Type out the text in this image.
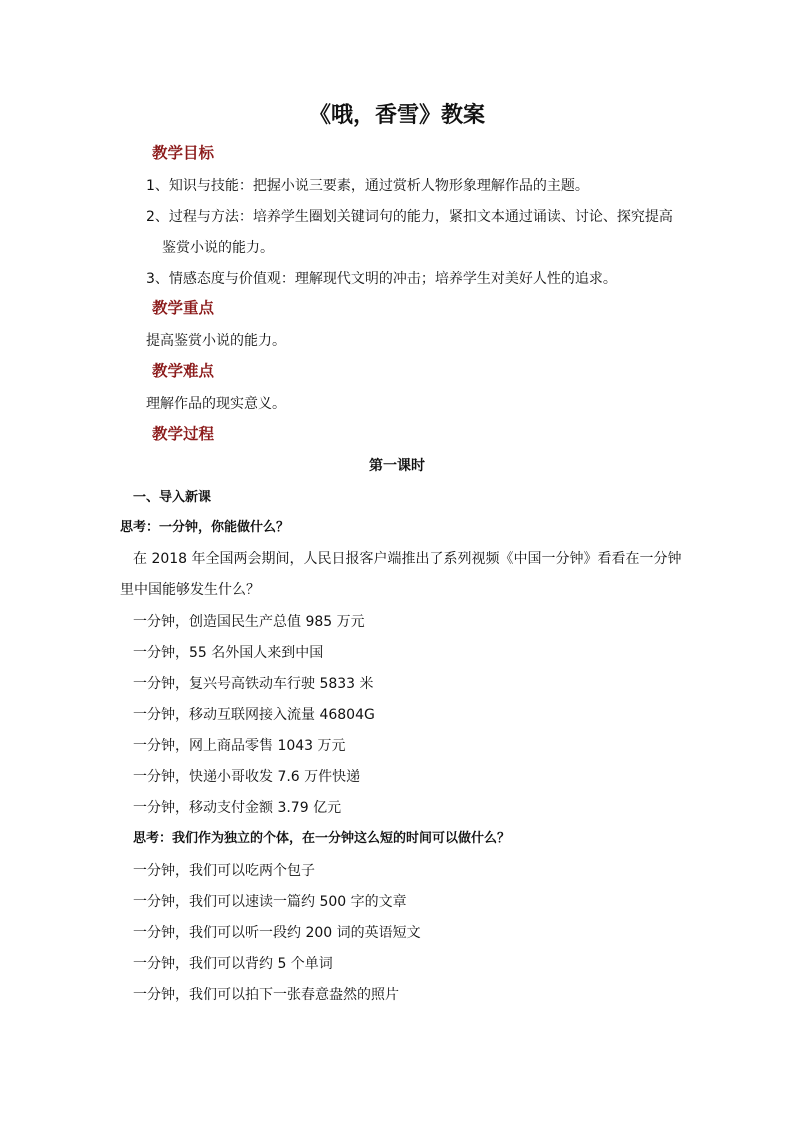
《哦，香雪》教案
教学目标
1、知识与技能：把握小说三要素，通过赏析人物形象理解作品的主题。
2、过程与方法：培养学生圈划关键词句的能力，紧扣文本通过诵读、讨论、探究提高
鉴赏小说的能力。
3、情感态度与价值观：理解现代文明的冲击；培养学生对美好人性的追求。
教学重点
提高鉴赏小说的能力。
教学难点
理解作品的现实意义。
教学过程
第一课时
一、导入新课
思考：一分钟，你能做什么？
在 2018 年全国两会期间，人民日报客户端推出了系列视频《中国一分钟》看看在一分钟
里中国能够发生什么？
一分钟，创造国民生产总值 985 万元
一分钟，55 名外国人来到中国
一分钟，复兴号高铁动车行驶 5833 米
一分钟，移动互联网接入流量 46804G
一分钟，网上商品零售 1043 万元
一分钟，快递小哥收发 7.6 万件快递
一分钟，移动支付金额 3.79 亿元
思考：我们作为独立的个体，在一分钟这么短的时间可以做什么？
一分钟，我们可以吃两个包子
一分钟，我们可以速读一篇约 500 字的文章
一分钟，我们可以听一段约 200 词的英语短文
一分钟，我们可以背约 5 个单词
一分钟，我们可以拍下一张春意盎然的照片
